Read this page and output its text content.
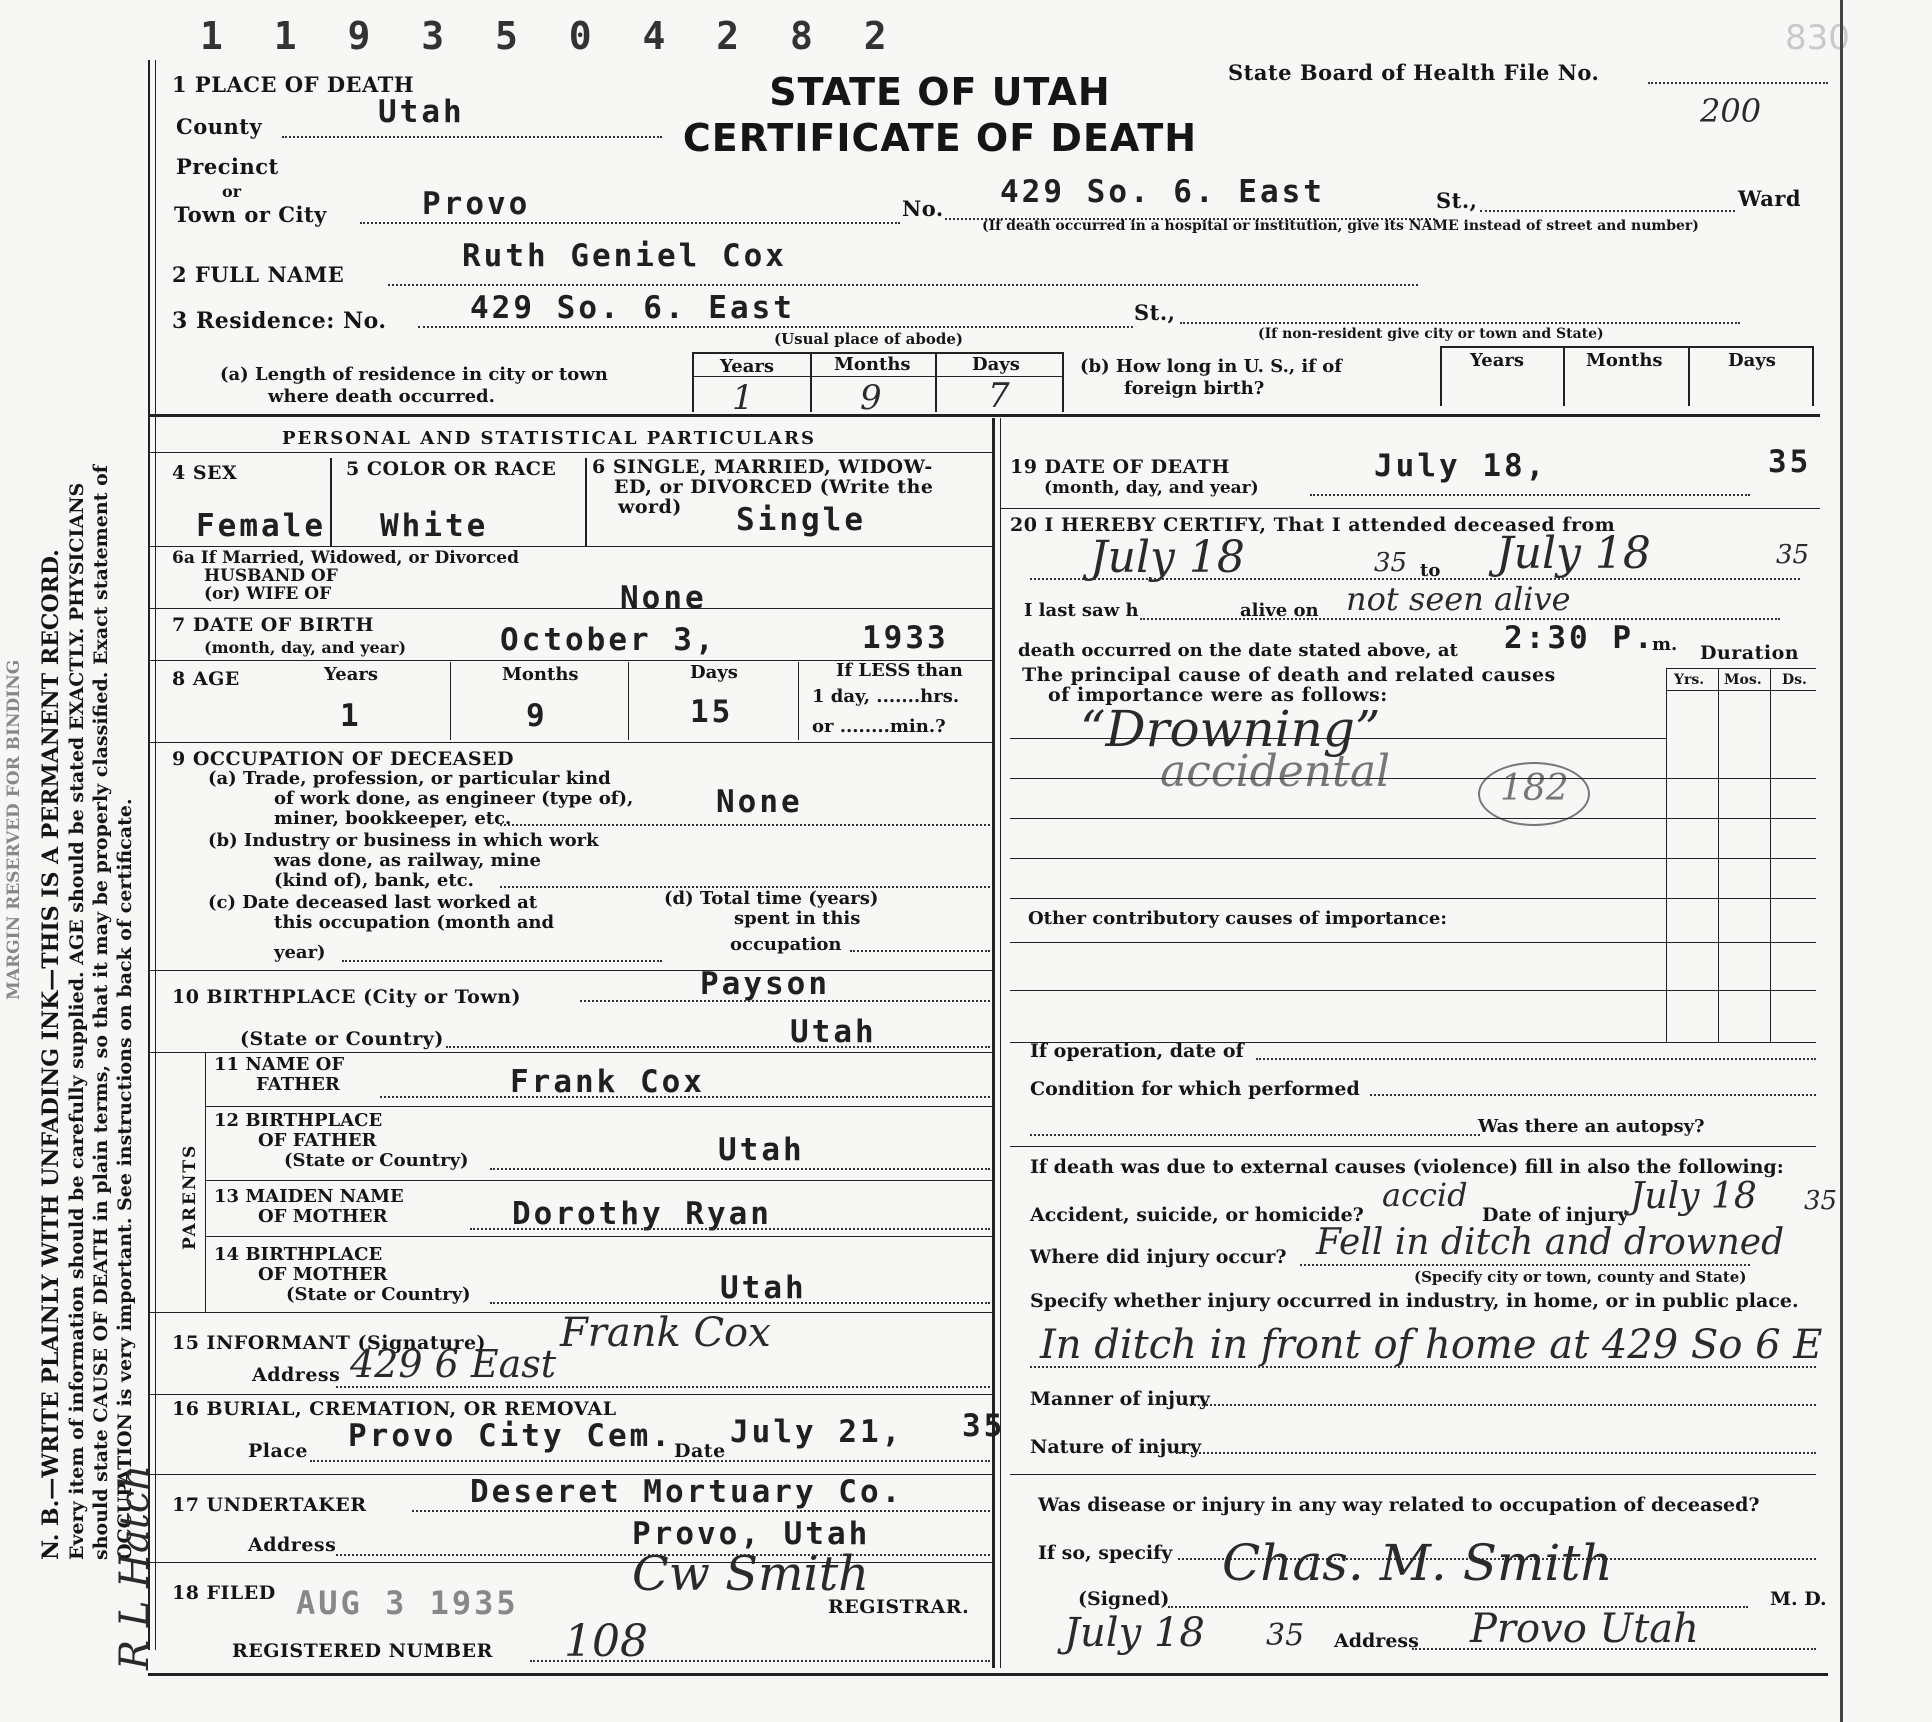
1 1 9 3 5 0 4 2 8 2	830
N. B.—WRITE PLAINLY WITH UNFADING INK—THIS IS A PERMANENT RECORD. Every item of information should be carefully supplied. AGE should be stated EXACTLY. PHYSICIANS should state CAUSE OF DEATH in plain terms, so that it may be properly classified. Exact statement of OCCUPATION is very important. See instructions on back of certificate.
MARGIN RESERVED FOR BINDING
R L Hatch
1 PLACE OF DEATH	STATE OF UTAH
CERTIFICATE OF DEATH
State Board of Health File No.
200
County	Utah
Precinct
or
Town or City	Provo	No. 429 So. 6. East	St.,	Ward
(If death occurred in a hospital or institution, give its NAME instead of street and number)
2 FULL NAME
Ruth Geniel Cox
3 Residence: No.	429 So. 6. East	St.,
(Usual place of abode)	(If non-resident give city or town and State)
(a) Length of residence in city or town
where death occurred.
Years	Months	Days
1	9	7
(b) How long in U. S., if of
foreign birth?
Years	Months	Days
PERSONAL AND STATISTICAL PARTICULARS
4 SEX	5 COLOR OR RACE 6 SINGLE, MARRIED, WIDOW-
ED, or DIVORCED (Write the
word)
Female White	Single
6a If Married, Widowed, or Divorced
HUSBAND OF
(or) WIFE OF	None
7 DATE OF BIRTH
(month, day, and year)	October 3,	1933
8 AGE	Years	Months	Days	If LESS than
1 day, .......hrs.
or ........min.?
1	9	15
9 OCCUPATION OF DECEASED
(a) Trade, profession, or particular kind
of work done, as engineer (type of),
miner, bookkeeper, etc.	None
(b) Industry or business in which work
was done, as railway, mine
(kind of), bank, etc.
(c) Date deceased last worked at
this occupation (month and
year)
(d) Total time (years)
spent in this
occupation
10 BIRTHPLACE (City or Town)	Payson
(State or Country)	Utah
PARENTS
11 NAME OF
FATHER	Frank Cox
12 BIRTHPLACE
OF FATHER
(State or Country)	Utah
13 MAIDEN NAME
OF MOTHER	Dorothy Ryan
14 BIRTHPLACE
OF MOTHER
(State or Country)	Utah
15 INFORMANT (Signature) Frank Cox
Address 429 6 East
16 BURIAL, CREMATION, OR REMOVAL
Place Provo City Cem. Date
July 21, 35
17 UNDERTAKER	Deseret Mortuary Co.
Address	Provo, Utah
18 FILED AUG 3 1935
Cw Smith
REGISTRAR.
REGISTERED NUMBER 108
19 DATE OF DEATH
(month, day, and year)
July 18,	35
20 I HEREBY CERTIFY, That I attended deceased from
July 18	35 to July 18	35
I last saw h	alive on not seen alive
death occurred on the date stated above, at 2:30 P.
m. Duration
The principal cause of death and related causes
of importance were as follows:
Yrs. Mos. Ds.
“Drowning”
accidental	182
Other contributory causes of importance:
If operation, date of
Condition for which performed
Was there an autopsy?
If death was due to external causes (violence) fill in also the following:
Accident, suicide, or homicide?
accid
Date of injury July 18 35
Where did injury occur? Fell in ditch and drowned
(Specify city or town, county and State)
Specify whether injury occurred in industry, in home, or in public place.
In ditch in front of home at 429 So 6 E
Manner of injury
Nature of injury
Was disease or injury in any way related to occupation of deceased?
If so, specify
(Signed)
Chas. M. Smith
M. D.
July 18 35 Address Provo Utah
